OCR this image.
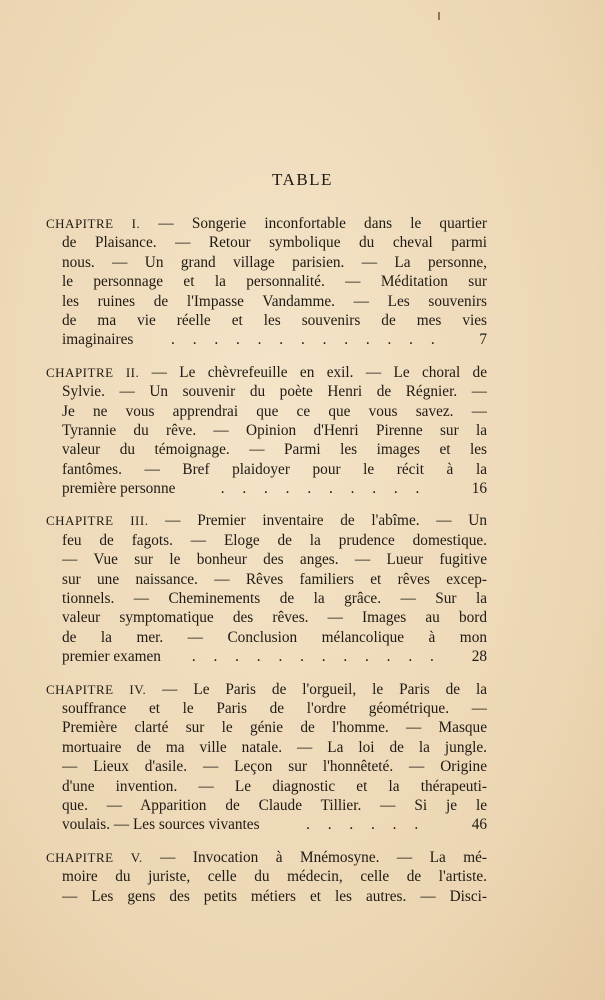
TABLE
CHAPITRE I. — Songerie inconfortable dans le quartier
de Plaisance. — Retour symbolique du cheval parmi
nous. — Un grand village parisien. — La personne,
le personnage et la personnalité. — Méditation sur
les ruines de l'Impasse Vandamme. — Les souvenirs
de ma vie réelle et les souvenirs de mes vies
imaginaires	. . . . . . . . . . . . .	7
CHAPITRE II. — Le chèvrefeuille en exil. — Le choral de
Sylvie. — Un souvenir du poète Henri de Régnier. —
Je ne vous apprendrai que ce que vous savez. —
Tyrannie du rêve. — Opinion d'Henri Pirenne sur la
valeur du témoignage. — Parmi les images et les
fantômes. — Bref plaidoyer pour le récit à la
première personne	. . . . . . . . . .	16
CHAPITRE III. — Premier inventaire de l'abîme. — Un
feu de fagots. — Eloge de la prudence domestique.
— Vue sur le bonheur des anges. — Lueur fugitive
sur une naissance. — Rêves familiers et rêves excep-
tionnels. — Cheminements de la grâce. — Sur la
valeur symptomatique des rêves. — Images au bord
de la mer. — Conclusion mélancolique à mon
premier examen	. . . . . . . . . . . .	28
CHAPITRE IV. — Le Paris de l'orgueil, le Paris de la
souffrance et le Paris de l'ordre géométrique. —
Première clarté sur le génie de l'homme. — Masque
mortuaire de ma ville natale. — La loi de la jungle.
— Lieux d'asile. — Leçon sur l'honnêteté. — Origine
d'une invention. — Le diagnostic et la thérapeuti-
que. — Apparition de Claude Tillier. — Si je le
voulais. — Les sources vivantes	. . . . . .	46
CHAPITRE V. — Invocation à Mnémosyne. — La mé-
moire du juriste, celle du médecin, celle de l'artiste.
— Les gens des petits métiers et les autres. — Disci-
